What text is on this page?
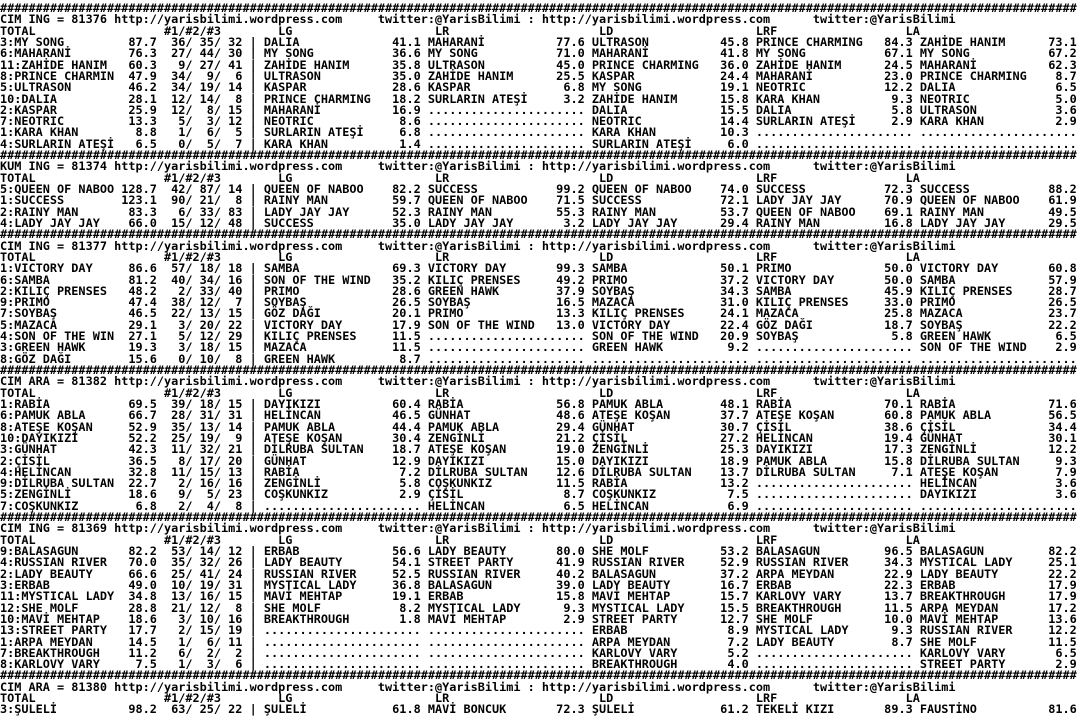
#######################################################################################################################################################
CIM ING = 81376 http://yarisbilimi.wordpress.com     twitter:@YarisBilimi : http://yarisbilimi.wordpress.com      twitter:@YarisBilimi
TOTAL                  #1/#2/#3        LG                    LR                     LD                    LRF                  LA
3:MY SONG         87.7  36/ 35/ 32 | DALIA             41.1 MAHARANİ          77.6 ULTRASON          45.8 PRINCE CHARMING   84.3 ZAHİDE HANIM      73.1
6:MAHARANİ        76.3  27/ 44/ 30 | MY SONG           36.6 MY SONG           71.0 MAHARANİ          41.8 MY SONG           67.1 MY SONG           67.2
11:ZAHİDE HANIM   60.3   9/ 27/ 41 | ZAHİDE HANIM      35.8 ULTRASON          45.0 PRINCE CHARMING   36.0 ZAHİDE HANIM      24.5 MAHARANİ          62.3
8:PRINCE CHARMIN  47.9  34/  9/  6 | ULTRASON          35.0 ZAHİDE HANIM      25.5 KASPAR            24.4 MAHARANİ          23.0 PRINCE CHARMING    8.7
5:ULTRASON        46.2  34/ 19/ 14 | KASPAR            28.6 KASPAR             6.8 MY SONG           19.1 NEOTRIC           12.2 DALIA              6.5
10:DALIA          28.1  12/ 14/  8 | PRINCE CHARMING   18.2 SURLARIN ATEŞİ     3.2 ZAHİDE HANIM      15.8 KARA KHAN          9.3 NEOTRIC            5.0
2:KASPAR          25.9  12/  8/ 15 | MAHARANİ          16.9 ...................... DALIA             15.5 DALIA              5.8 ULTRASON           3.6
7:NEOTRIC         13.3   5/  3/ 12 | NEOTRIC            8.6 ...................... NEOTRIC           14.4 SURLARIN ATEŞİ     2.9 KARA KHAN          2.9
1:KARA KHAN        8.8   1/  6/  5 | SURLARIN ATEŞİ     6.8 ...................... KARA KHAN         10.3 ...................... ......................
4:SURLARIN ATEŞİ   6.5   0/  5/  7 | KARA KHAN          1.4 ...................... SURLARIN ATEŞİ     6.0 ...................... ......................
#######################################################################################################################################################
KUM ING = 81374 http://yarisbilimi.wordpress.com     twitter:@YarisBilimi : http://yarisbilimi.wordpress.com      twitter:@YarisBilimi
TOTAL                  #1/#2/#3        LG                    LR                     LD                    LRF                  LA
5:QUEEN OF NABOO 128.7  42/ 87/ 14 | QUEEN OF NABOO    82.2 SUCCESS           99.2 QUEEN OF NABOO    74.0 SUCCESS           72.3 SUCCESS           88.2
1:SUCCESS        123.1  90/ 21/  8 | RAINY MAN         59.7 QUEEN OF NABOO    71.5 SUCCESS           72.1 LADY JAY JAY      70.9 QUEEN OF NABOO    61.9
2:RAINY MAN       83.3   6/ 33/ 83 | LADY JAY JAY      52.3 RAINY MAN         55.3 RAINY MAN         53.7 QUEEN OF NABOO    69.1 RAINY MAN         49.5
4:LADY JAY JAY    66.0  15/ 12/ 48 | SUCCESS           35.0 LADY JAY JAY       3.2 LADY JAY JAY      29.4 RAINY MAN         16.8 LADY JAY JAY      29.5
#######################################################################################################################################################
CIM ING = 81377 http://yarisbilimi.wordpress.com     twitter:@YarisBilimi : http://yarisbilimi.wordpress.com      twitter:@YarisBilimi
TOTAL                  #1/#2/#3        LG                    LR                     LD                    LRF                  LA
1:VICTORY DAY     86.6  57/ 18/ 18 | SAMBA             69.3 VICTORY DAY       99.3 SAMBA             50.1 PRIMO             50.0 VICTORY DAY       60.8
6:SAMBA           81.2  40/ 34/ 16 | SON OF THE WIND   35.2 KILIÇ PRENSES     49.2 PRIMO             37.2 VICTORY DAY       50.0 SAMBA             57.9
2:KILIÇ PRENSES   48.2   2/ 33/ 40 | PRIMO             28.6 GREEN HAWK        37.9 SOYBAŞ            34.3 SAMBA             45.9 KILIÇ PRENSES     28.7
9:PRIMO           47.4  38/ 12/  7 | SOYBAŞ            26.5 SOYBAŞ            16.5 MAZACA            31.0 KILIÇ PRENSES     33.0 PRIMO             26.5
7:SOYBAŞ          46.5  22/ 13/ 15 | GÖZ DAĞI          20.1 PRIMO             13.3 KILIÇ PRENSES     24.1 MAZACA            25.8 MAZACA            23.7
5:MAZACA          29.1   3/ 20/ 22 | VICTORY DAY       17.9 SON OF THE WIND   13.0 VICTORY DAY       22.4 GÖZ DAĞI          18.7 SOYBAŞ            22.2
4:SON OF THE WIN  27.1   5/ 12/ 29 | KILIÇ PRENSES     11.5 ...................... SON OF THE WIND   20.9 SOYBAŞ             5.8 GREEN HAWK         6.5
3:GREEN HAWK      19.3   3/ 18/ 15 | MAZACA            11.5 ...................... GREEN HAWK         9.2 ...................... SON OF THE WIND    2.9
8:GÖZ DAĞI        15.6   0/ 10/  8 | GREEN HAWK         8.7 ...................... ...................... ...................... ......................
#######################################################################################################################################################
CIM ARA = 81382 http://yarisbilimi.wordpress.com     twitter:@YarisBilimi : http://yarisbilimi.wordpress.com      twitter:@YarisBilimi
TOTAL                  #1/#2/#3        LG                    LR                     LD                    LRF                  LA
1:RABİA           69.5  39/ 18/ 15 | DAYIKIZI          60.4 RABİA             56.8 PAMUK ABLA        48.1 RABİA             70.1 RABİA             71.6
6:PAMUK ABLA      66.7  28/ 31/ 31 | HELİNCAN          46.5 GÜNHAT            48.6 ATEŞE KOŞAN       37.7 ATEŞE KOŞAN       60.8 PAMUK ABLA        56.5
8:ATEŞE KOŞAN     52.9  35/ 13/ 14 | PAMUK ABLA        44.4 PAMUK ABLA        29.4 GÜNHAT            30.7 ÇİSİL             38.6 ÇİSİL             34.4
10:DAYIKIZI       52.2  25/ 19/  9 | ATEŞE KOŞAN       30.4 ZENGİNLİ          21.2 ÇİSİL             27.2 HELİNCAN          19.4 GÜNHAT            30.1
3:GÜNHAT          42.3  11/ 32/ 21 | DİLRUBA SULTAN    18.7 ATEŞE KOŞAN       19.0 ZENGİNLİ          25.3 DAYIKIZI          17.3 ZENGİNLİ          12.2
2:ÇİSİL           36.5   8/ 17/ 20 | GÜNHAT            12.9 DAYIKIZI          15.0 DAYIKIZI          18.9 PAMUK ABLA        15.8 DİLRUBA SULTAN     9.3
4:HELİNCAN        32.8  11/ 15/ 13 | RABİA              7.2 DİLRUBA SULTAN    12.6 DİLRUBA SULTAN    13.7 DİLRUBA SULTAN     7.1 ATEŞE KOŞAN        7.9
9:DİLRUBA SULTAN  22.7   2/ 16/ 16 | ZENGİNLİ           5.8 COŞKUNKIZ         11.5 RABİA             13.2 ...................... HELİNCAN           3.6
5:ZENGİNLİ        18.6   9/  5/ 23 | COŞKUNKIZ          2.9 ÇİSİL              8.7 COŞKUNKIZ          7.5 ...................... DAYIKIZI           3.6
7:COŞKUNKIZ        6.8   2/  4/  8 | ...................... HELİNCAN           6.5 HELİNCAN           6.9 ...................... ......................
#######################################################################################################################################################
CIM ING = 81369 http://yarisbilimi.wordpress.com     twitter:@YarisBilimi : http://yarisbilimi.wordpress.com      twitter:@YarisBilimi
TOTAL                  #1/#2/#3        LG                    LR                     LD                    LRF                  LA
9:BALASAGUN       82.2  53/ 14/ 12 | ERBAB             56.6 LADY BEAUTY       80.0 SHE MOLF          53.2 BALASAGUN         96.5 BALASAGUN         82.2
4:RUSSIAN RIVER   70.0  35/ 32/ 26 | LADY BEAUTY       54.1 STREET PARTY      41.9 RUSSIAN RIVER     52.9 RUSSIAN RIVER     34.3 MYSTICAL LADY     25.1
2:LADY BEAUTY     66.6  25/ 41/ 24 | RUSSIAN RIVER     52.5 RUSSIAN RIVER     40.2 BALASAGUN         37.2 ARPA MEYDAN       22.9 LADY BEAUTY       22.2
3:ERBAB           49.0  10/ 19/ 31 | MYSTICAL LADY     36.8 BALASAGUN         39.0 LADY BEAUTY       16.7 ERBAB             22.3 ERBAB             17.9
11:MYSTICAL LADY  34.8  13/ 16/ 15 | MAVİ MEHTAP       19.1 ERBAB             15.8 MAVİ MEHTAP       15.7 KARLOVY VARY      13.7 BREAKTHROUGH      17.9
12:SHE MOLF       28.8  21/ 12/  8 | SHE MOLF           8.2 MYSTICAL LADY      9.3 MYSTICAL LADY     15.5 BREAKTHROUGH      11.5 ARPA MEYDAN       17.2
10:MAVİ MEHTAP    18.6   3/ 10/ 16 | BREAKTHROUGH       1.8 MAVİ MEHTAP        2.9 STREET PARTY      12.7 SHE MOLF          10.0 MAVİ MEHTAP       13.6
13:STREET PARTY   17.7   2/ 15/ 19 | ...................... ...................... ERBAB              8.9 MYSTICAL LADY      9.3 RUSSIAN RIVER     12.2
1:ARPA MEYDAN     14.5   1/  6/ 11 | ...................... ...................... ARPA MEYDAN        7.2 LADY BEAUTY        8.7 SHE MOLF          11.5
7:BREAKTHROUGH    11.2   6/  2/  2 | ...................... ...................... KARLOVY VARY       5.2 ...................... KARLOVY VARY       6.5
8:KARLOVY VARY     7.5   1/  3/  6 | ...................... ...................... BREAKTHROUGH       4.0 ...................... STREET PARTY       2.9
#######################################################################################################################################################
CIM ARA = 81380 http://yarisbilimi.wordpress.com     twitter:@YarisBilimi : http://yarisbilimi.wordpress.com      twitter:@YarisBilimi
TOTAL                  #1/#2/#3        LG                    LR                     LD                    LRF                  LA
3:ŞULELİ          98.2  63/ 25/ 22 | ŞULELİ            61.8 MAVİ BONCUK       72.3 ŞULELİ            61.2 TEKELİ KIZI       89.3 FAUSTİNO          81.6
